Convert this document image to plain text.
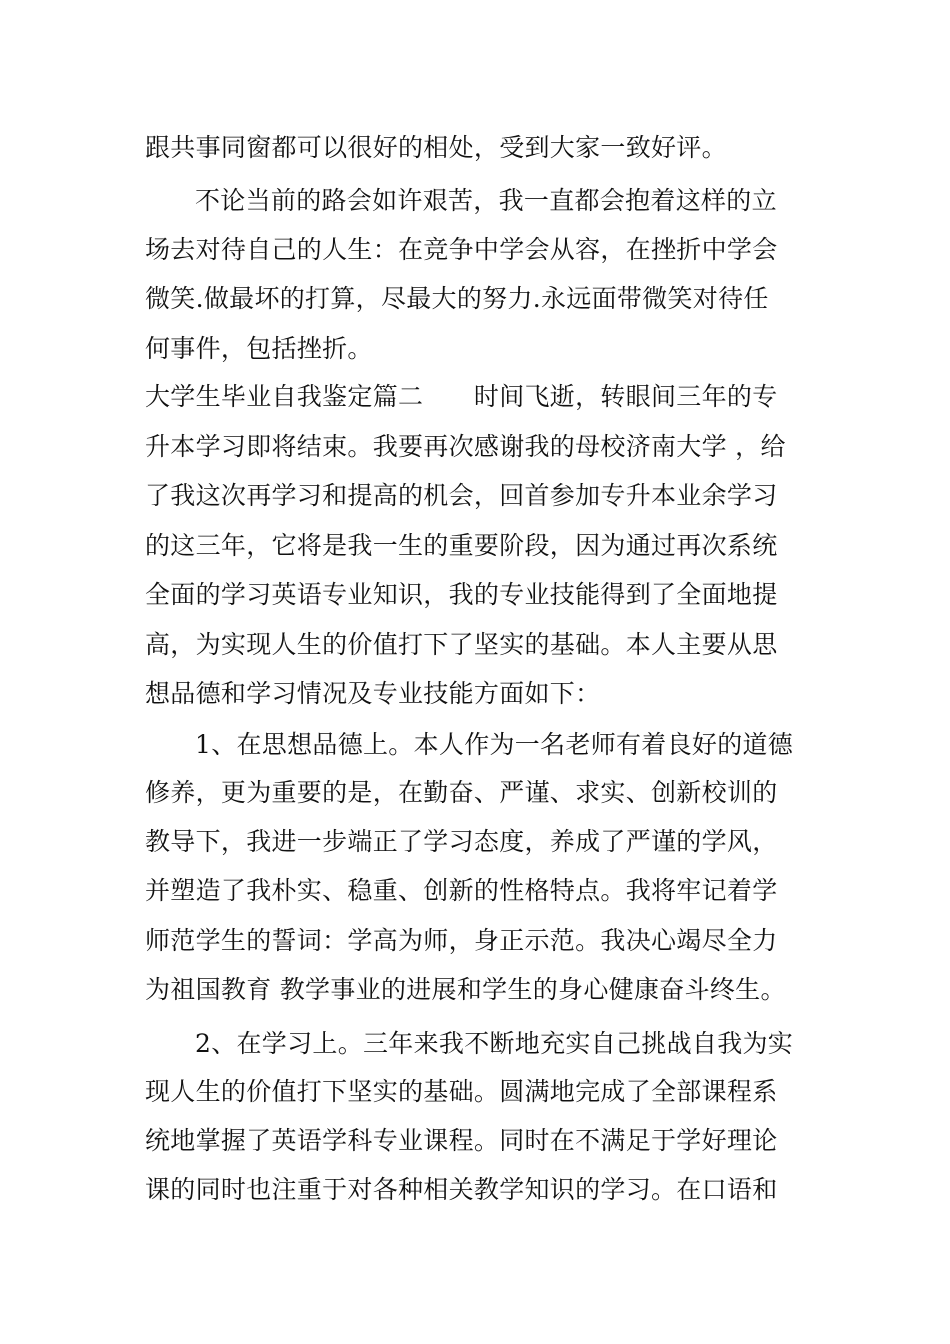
跟共事同窗都可以很好的相处，受到大家一致好评。
不论当前的路会如许艰苦，我一直都会抱着这样的立
场去对待自己的人生：在竞争中学会从容，在挫折中学会
微笑.做最坏的打算，尽最大的努力.永远面带微笑对待任
何事件，包括挫折。
大学生毕业自我鉴定篇二　　时间飞逝，转眼间三年的专
升本学习即将结束。我要再次感谢我的母校济南大学 ，给
了我这次再学习和提高的机会，回首参加专升本业余学习
的这三年，它将是我一生的重要阶段，因为通过再次系统
全面的学习英语专业知识，我的专业技能得到了全面地提
高，为实现人生的价值打下了坚实的基础。本人主要从思
想品德和学习情况及专业技能方面如下：
1、在思想品德上。本人作为一名老师有着良好的道德
修养，更为重要的是，在勤奋、严谨、求实、创新校训的
教导下，我进一步端正了学习态度，养成了严谨的学风，
并塑造了我朴实、稳重、创新的性格特点。我将牢记着学
师范学生的誓词：学高为师，身正示范。我决心竭尽全力
为祖国教育 教学事业的进展和学生的身心健康奋斗终生。
2、在学习上。三年来我不断地充实自己挑战自我为实
现人生的价值打下坚实的基础。圆满地完成了全部课程系
统地掌握了英语学科专业课程。同时在不满足于学好理论
课的同时也注重于对各种相关教学知识的学习。在口语和
